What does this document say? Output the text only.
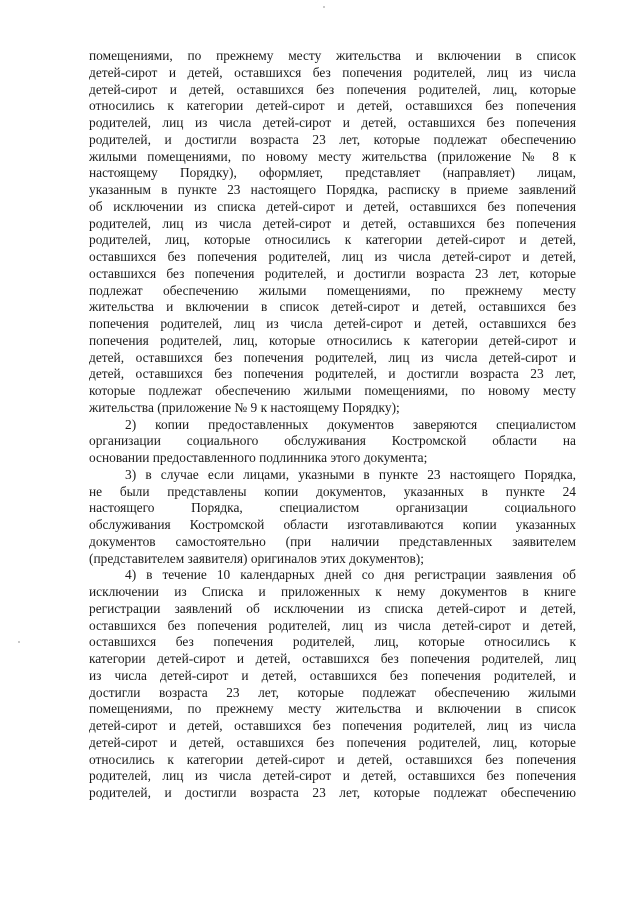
помещениями, по прежнему месту жительства и включении в список
детей-сирот и детей, оставшихся без попечения родителей, лиц из числа
детей-сирот и детей, оставшихся без попечения родителей, лиц, которые
относились к категории детей-сирот и детей, оставшихся без попечения
родителей, лиц из числа детей-сирот и детей, оставшихся без попечения
родителей, и достигли возраста 23 лет, которые подлежат обеспечению
жилыми помещениями, по новому месту жительства (приложение № 8 к
настоящему Порядку), оформляет, представляет (направляет) лицам,
указанным в пункте 23 настоящего Порядка, расписку в приеме заявлений
об исключении из списка детей-сирот и детей, оставшихся без попечения
родителей, лиц из числа детей-сирот и детей, оставшихся без попечения
родителей, лиц, которые относились к категории детей-сирот и детей,
оставшихся без попечения родителей, лиц из числа детей-сирот и детей,
оставшихся без попечения родителей, и достигли возраста 23 лет, которые
подлежат обеспечению жилыми помещениями, по прежнему месту
жительства и включении в список детей-сирот и детей, оставшихся без
попечения родителей, лиц из числа детей-сирот и детей, оставшихся без
попечения родителей, лиц, которые относились к категории детей-сирот и
детей, оставшихся без попечения родителей, лиц из числа детей-сирот и
детей, оставшихся без попечения родителей, и достигли возраста 23 лет,
которые подлежат обеспечению жилыми помещениями, по новому месту
жительства (приложение № 9 к настоящему Порядку);
2) копии предоставленных документов заверяются специалистом
организации социального обслуживания Костромской области на
основании предоставленного подлинника этого документа;
3) в случае если лицами, указными в пункте 23 настоящего Порядка,
не были представлены копии документов, указанных в пункте 24
настоящего Порядка, специалистом организации социального
обслуживания Костромской области изготавливаются копии указанных
документов самостоятельно (при наличии представленных заявителем
(представителем заявителя) оригиналов этих документов);
4) в течение 10 календарных дней со дня регистрации заявления об
исключении из Списка и приложенных к нему документов в книге
регистрации заявлений об исключении из списка детей-сирот и детей,
оставшихся без попечения родителей, лиц из числа детей-сирот и детей,
оставшихся без попечения родителей, лиц, которые относились к
категории детей-сирот и детей, оставшихся без попечения родителей, лиц
из числа детей-сирот и детей, оставшихся без попечения родителей, и
достигли возраста 23 лет, которые подлежат обеспечению жилыми
помещениями, по прежнему месту жительства и включении в список
детей-сирот и детей, оставшихся без попечения родителей, лиц из числа
детей-сирот и детей, оставшихся без попечения родителей, лиц, которые
относились к категории детей-сирот и детей, оставшихся без попечения
родителей, лиц из числа детей-сирот и детей, оставшихся без попечения
родителей, и достигли возраста 23 лет, которые подлежат обеспечению
